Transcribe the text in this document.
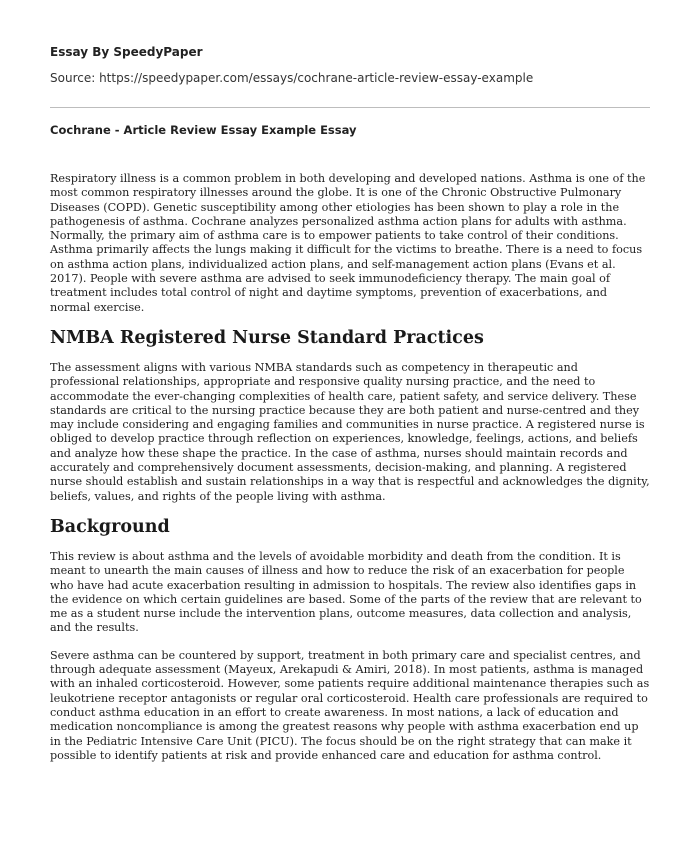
Essay By SpeedyPaper
Source: https://speedypaper.com/essays/cochrane-article-review-essay-example
Cochrane - Article Review Essay Example Essay

Respiratory illness is a common problem in both developing and developed nations. Asthma is one of the most common respiratory illnesses around the globe. It is one of the Chronic Obstructive Pulmonary Diseases (COPD). Genetic susceptibility among other etiologies has been shown to play a role in the pathogenesis of asthma. Cochrane analyzes personalized asthma action plans for adults with asthma. Normally, the primary aim of asthma care is to empower patients to take control of their conditions. Asthma primarily affects the lungs making it difficult for the victims to breathe. There is a need to focus on asthma action plans, individualized action plans, and self-management action plans (Evans et al. 2017). People with severe asthma are advised to seek immunodeficiency therapy. The main goal of treatment includes total control of night and daytime symptoms, prevention of exacerbations, and normal exercise.

NMBA Registered Nurse Standard Practices

The assessment aligns with various NMBA standards such as competency in therapeutic and professional relationships, appropriate and responsive quality nursing practice, and the need to accommodate the ever-changing complexities of health care, patient safety, and service delivery. These standards are critical to the nursing practice because they are both patient and nurse-centred and they may include considering and engaging families and communities in nurse practice. A registered nurse is obliged to develop practice through reflection on experiences, knowledge, feelings, actions, and beliefs and analyze how these shape the practice. In the case of asthma, nurses should maintain records and accurately and comprehensively document assessments, decision-making, and planning. A registered nurse should establish and sustain relationships in a way that is respectful and acknowledges the dignity, beliefs, values, and rights of the people living with asthma.

Background

This review is about asthma and the levels of avoidable morbidity and death from the condition. It is meant to unearth the main causes of illness and how to reduce the risk of an exacerbation for people who have had acute exacerbation resulting in admission to hospitals. The review also identifies gaps in the evidence on which certain guidelines are based. Some of the parts of the review that are relevant to me as a student nurse include the intervention plans, outcome measures, data collection and analysis, and the results.

Severe asthma can be countered by support, treatment in both primary care and specialist centres, and through adequate assessment (Mayeux, Arekapudi & Amiri, 2018). In most patients, asthma is managed with an inhaled corticosteroid. However, some patients require additional maintenance therapies such as leukotriene receptor antagonists or regular oral corticosteroid. Health care professionals are required to conduct asthma education in an effort to create awareness. In most nations, a lack of education and medication noncompliance is among the greatest reasons why people with asthma exacerbation end up in the Pediatric Intensive Care Unit (PICU). The focus should be on the right strategy that can make it possible to identify patients at risk and provide enhanced care and education for asthma control.
